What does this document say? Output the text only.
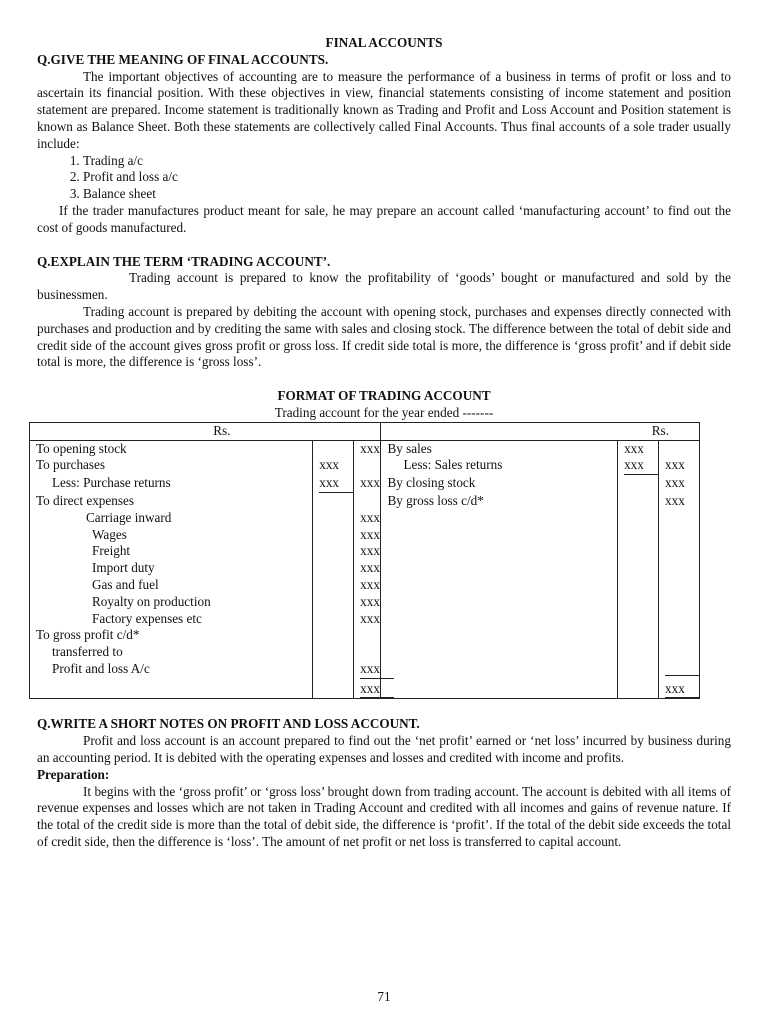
FINAL ACCOUNTS
Q.GIVE THE MEANING OF FINAL ACCOUNTS.
The important objectives of accounting are to measure the performance of a business in terms of profit or loss and to ascertain its financial position. With these objectives in view, financial statements consisting of income statement and position statement are prepared. Income statement is traditionally known as Trading and Profit and Loss Account and Position statement is known as Balance Sheet. Both these statements are collectively called Final Accounts. Thus final accounts of a sole trader usually include:
1. Trading a/c
2. Profit and loss a/c
3. Balance sheet
If the trader manufactures product meant for sale, he may prepare an account called ‘manufacturing account’ to find out the cost of goods manufactured.
Q.EXPLAIN THE TERM ‘TRADING ACCOUNT’.
Trading account is prepared to know the profitability of ‘goods’ bought or manufactured and sold by the businessmen.
Trading account is prepared by debiting the account with opening stock, purchases and expenses directly connected with purchases and production and by crediting the same with sales and closing stock. The difference between the total of debit side and credit side of the account gives gross profit or gross loss. If credit side total is more, the difference is ‘gross profit’ and if debit side total is more, the difference is ‘gross loss’.
FORMAT OF TRADING ACCOUNT
Trading account for the year ended -------
Rs.			Rs.		
To opening stock		xxx	By sales	xxx	
To purchases	xxx		Less: Sales returns	xxx	xxx
Less: Purchase returns	xxx	xxx	By closing stock		xxx
To direct expenses			By gross loss c/d*		xxx
Carriage inward		xxx			
Wages		xxx			
Freight		xxx			
Import duty		xxx			
Gas and fuel		xxx			
Royalty on production		xxx			
Factory expenses etc		xxx			
To gross profit c/d*					
transferred to					
Profit and loss A/c		xxx			
		xxx			xxx
Q.WRITE A SHORT NOTES ON PROFIT AND LOSS ACCOUNT.
Profit and loss account is an account prepared to find out the ‘net profit’ earned or ‘net loss’ incurred by business during an accounting period. It is debited with the operating expenses and losses and credited with income and profits.
Preparation:
It begins with the ‘gross profit’ or ‘gross loss’ brought down from trading account. The account is debited with all items of revenue expenses and losses which are not taken in Trading Account and credited with all incomes and gains of revenue nature. If the total of the credit side is more than the total of debit side, the difference is ‘profit’. If the total of the debit side exceeds the total of credit side, then the difference is ‘loss’. The amount of net profit or net loss is transferred to capital account.
71
